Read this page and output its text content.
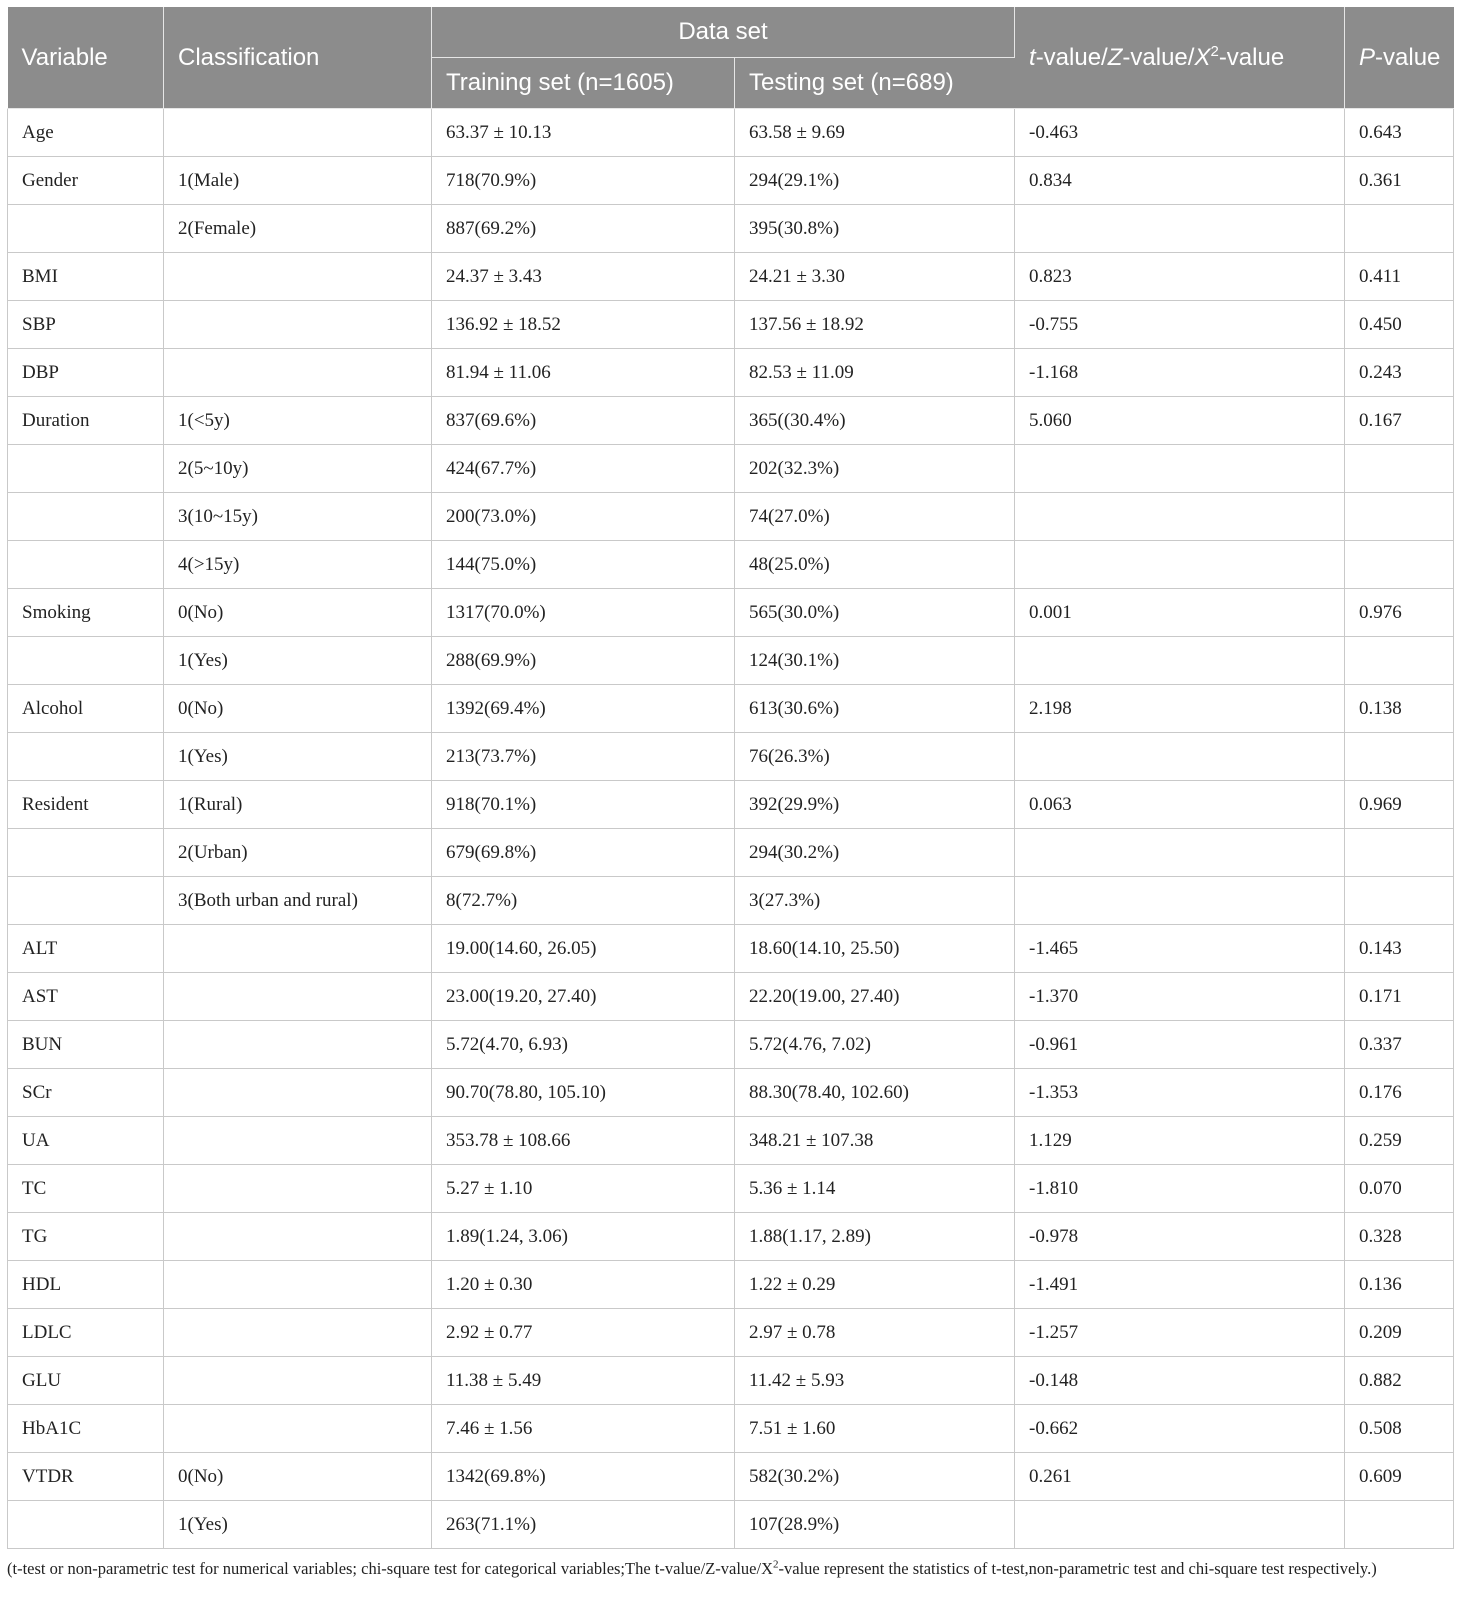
Variable	Classification	Data set		$t-value/Z-value/X^2$-value	P-value
		Training set (n=1605)	Testing set (n=689)		
Age		63.37 ± 10.13	63.58 ± 9.69	-0.463	0.643
Gender	1(Male)	718(70.9%)	294(29.1%)	0.834	0.361
	2(Female)	887(69.2%)	395(30.8%)		
BMI		24.37 ± 3.43	24.21 ± 3.30	0.823	0.411
SBP		136.92 ± 18.52	137.56 ± 18.92	-0.755	0.450
DBP		81.94 ± 11.06	82.53 ± 11.09	-1.168	0.243
Duration	1(<5y)	837(69.6%)	365((30.4%)	5.060	0.167
	2(5~10y)	424(67.7%)	202(32.3%)		
	3(10~15y)	200(73.0%)	74(27.0%)		
	4(>15y)	144(75.0%)	48(25.0%)		
Smoking	0(No)	1317(70.0%)	565(30.0%)	0.001	0.976
	1(Yes)	288(69.9%)	124(30.1%)		
Alcohol	0(No)	1392(69.4%)	613(30.6%)	2.198	0.138
	1(Yes)	213(73.7%)	76(26.3%)		
Resident	1(Rural)	918(70.1%)	392(29.9%)	0.063	0.969
	2(Urban)	679(69.8%)	294(30.2%)		
	3(Both urban and rural)	8(72.7%)	3(27.3%)		
ALT		19.00(14.60, 26.05)	18.60(14.10, 25.50)	-1.465	0.143
AST		23.00(19.20, 27.40)	22.20(19.00, 27.40)	-1.370	0.171
BUN		5.72(4.70, 6.93)	5.72(4.76, 7.02)	-0.961	0.337
SCr		90.70(78.80, 105.10)	88.30(78.40, 102.60)	-1.353	0.176
UA		353.78 ± 108.66	348.21 ± 107.38	1.129	0.259
TC		5.27 ± 1.10	5.36 ± 1.14	-1.810	0.070
TG		1.89(1.24, 3.06)	1.88(1.17, 2.89)	-0.978	0.328
HDL		1.20 ± 0.30	1.22 ± 0.29	-1.491	0.136
LDLC		2.92 ± 0.77	2.97 ± 0.78	-1.257	0.209
GLU		11.38 ± 5.49	11.42 ± 5.93	-0.148	0.882
HbA1C		7.46 ± 1.56	7.51 ± 1.60	-0.662	0.508
VTDR	0(No)	1342(69.8%)	582(30.2%)	0.261	0.609
	1(Yes)	263(71.1%)	107(28.9%)		
(t-test or non-parametric test for numerical variables; chi-square test for categorical variables;The $t-value/Z-value/X^2$-value represent the statistics of t-test,non-parametric test and chi-square test respectively.)
